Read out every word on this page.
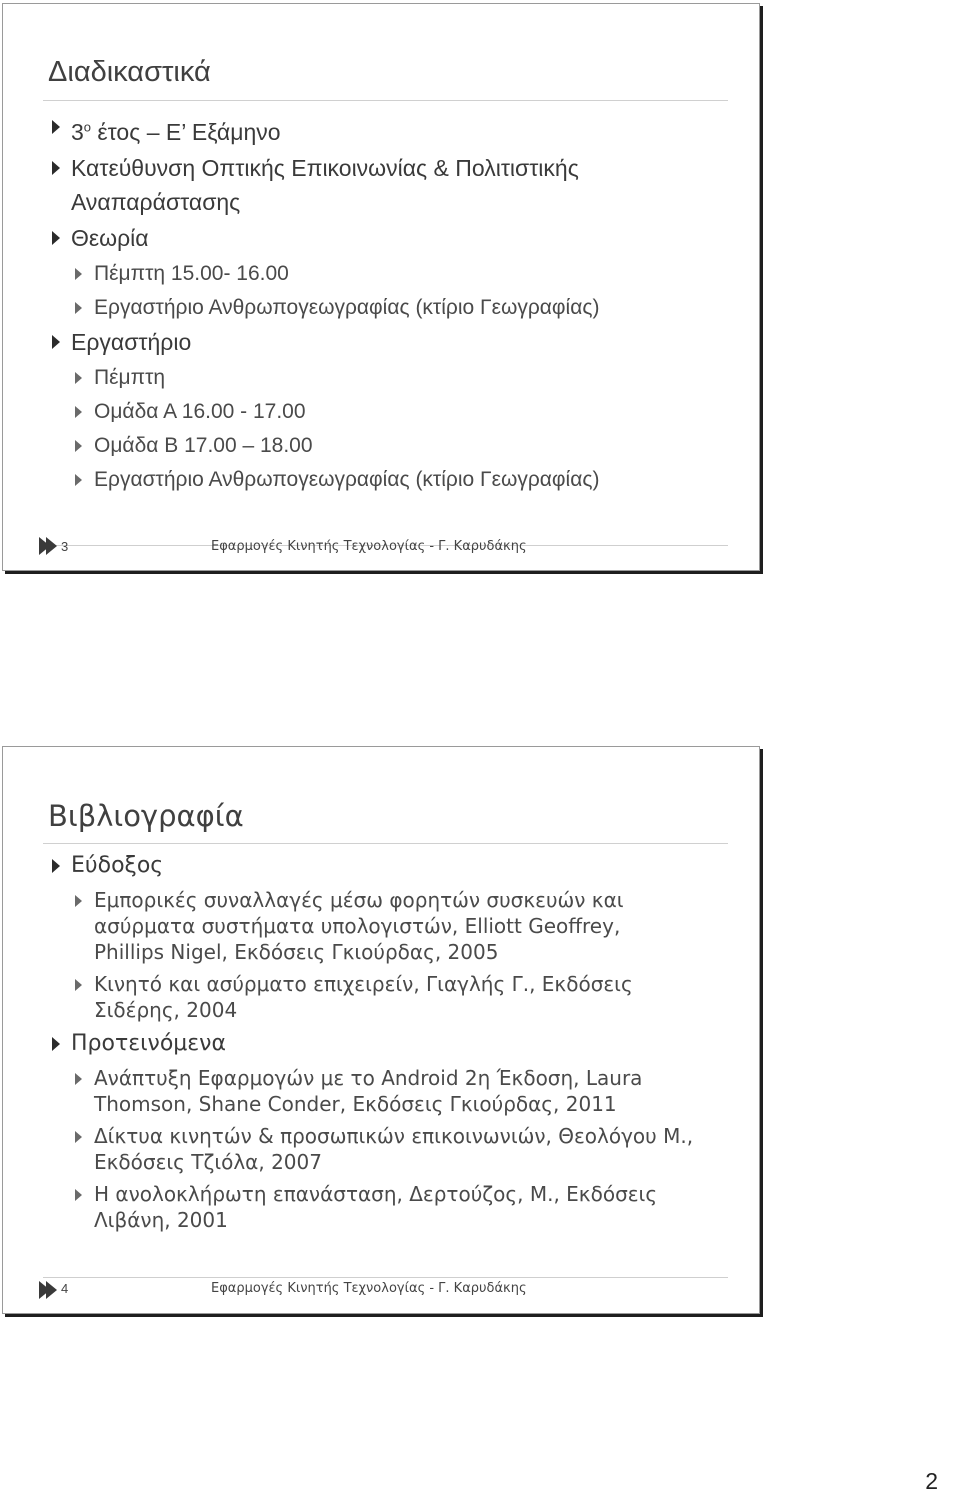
Διαδικαστικά
$3^o$ έτος – Ε’ Εξάμηνο
Κατεύθυνση Οπτικής Επικοινωνίας & Πολιτιστικής Αναπαράστασης
Θεωρία
Πέμπτη 15.00- 16.00
Εργαστήριο Ανθρωπογεωγραφίας (κτίριο Γεωγραφίας)
Εργαστήριο
Πέμπτη
Ομάδα Α 16.00 - 17.00
Ομάδα Β 17.00 – 18.00
Εργαστήριο Ανθρωπογεωγραφίας (κτίριο Γεωγραφίας)
3	Εφαρμογές Κινητής Τεχνολογίας - Γ. Καρυδάκης
Βιβλιογραφία
Εύδοξος
Εμπορικές συναλλαγές μέσω φορητών συσκευών και ασύρματα συστήματα υπολογιστών, Elliott Geoffrey, Phillips Nigel, Εκδόσεις Γκιούρδας, 2005
Κινητό και ασύρματο επιχειρείν, Γιαγλής Γ., Εκδόσεις Σιδέρης, 2004
Προτεινόμενα
Ανάπτυξη Εφαρμογών με το Android 2η Έκδοση, Laura Thomson, Shane Conder, Εκδόσεις Γκιούρδας, 2011
Δίκτυα κινητών & προσωπικών επικοινωνιών, Θεολόγου Μ., Εκδόσεις Τζιόλα, 2007
Η ανολοκλήρωτη επανάσταση, Δερτούζος, Μ., Εκδόσεις Λιβάνη, 2001
4	Εφαρμογές Κινητής Τεχνολογίας - Γ. Καρυδάκης
2
